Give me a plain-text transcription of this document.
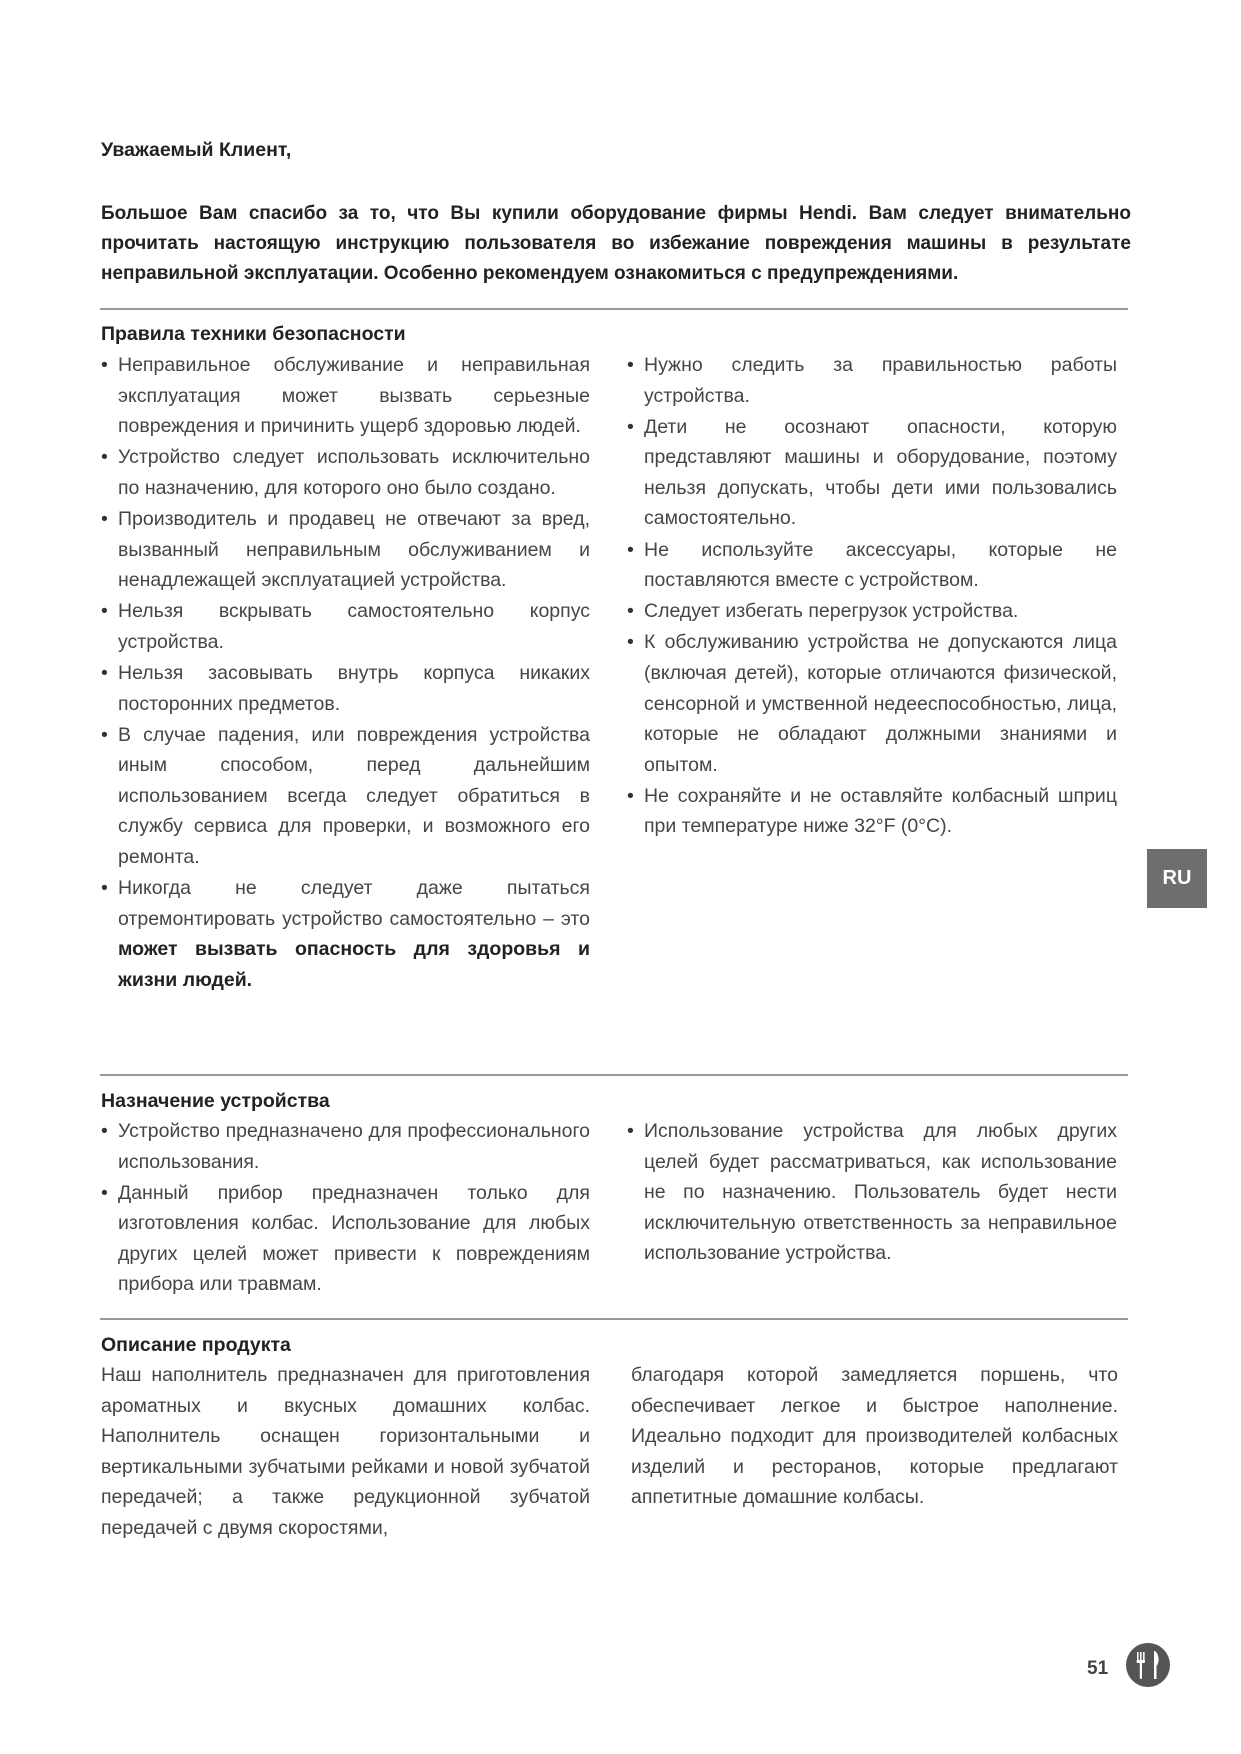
Уважаемый Клиент,
Большое Вам спасибо за то, что Вы купили оборудование фирмы Hendi. Вам следует внимательно прочитать настоящую инструкцию пользователя во избежание повреждения машины в результате неправильной эксплуатации. Особенно рекомендуем ознакомиться с предупреждениями.
Правила техники безопасности
• Неправильное обслуживание и неправильная эксплуатация может вызвать серьезные повреждения и причинить ущерб здоровью людей.
• Устройство следует использовать исключительно по назначению, для которого оно было создано.
• Производитель и продавец не отвечают за вред, вызванный неправильным обслуживанием и ненадлежащей эксплуатацией устройства.
• Нельзя вскрывать самостоятельно корпус устройства.
• Нельзя засовывать внутрь корпуса никаких посторонних предметов.
• В случае падения, или повреждения устройства иным способом, перед дальнейшим использованием всегда следует обратиться в службу сервиса для проверки, и возможного его ремонта.
• Никогда не следует даже пытаться отремонтировать устройство самостоятельно – это может вызвать опасность для здоровья и жизни людей.
• Нужно следить за правильностью работы устройства.
• Дети не осознают опасности, которую представляют машины и оборудование, поэтому нельзя допускать, чтобы дети ими пользовались самостоятельно.
• Не используйте аксессуары, которые не поставляются вместе с устройством.
• Следует избегать перегрузок устройства.
• К обслуживанию устройства не допускаются лица (включая детей), которые отличаются физической, сенсорной и умственной недееспособностью, лица, которые не обладают должными знаниями и опытом.
• Не сохраняйте и не оставляйте колбасный шприц при температуре ниже 32°F (0°C).
Назначение устройства
• Устройство предназначено для профессионального использования.
• Данный прибор предназначен только для изготовления колбас. Использование для любых других целей может привести к повреждениям прибора или травмам.
• Использование устройства для любых других целей будет рассматриваться, как использование не по назначению. Пользователь будет нести исключительную ответственность за неправильное использование устройства.
Описание продукта

Наш наполнитель предназначен для приготовления ароматных и вкусных домашних колбас. Наполнитель оснащен горизонтальными и вертикальными зубчатыми рейками и новой зубчатой передачей; а также редукционной зубчатой передачей с двумя скоростями,

благодаря которой замедляется поршень, что обеспечивает легкое и быстрое наполнение. Идеально подходит для производителей колбасных изделий и ресторанов, которые предлагают аппетитные домашние колбасы.

RU
51
